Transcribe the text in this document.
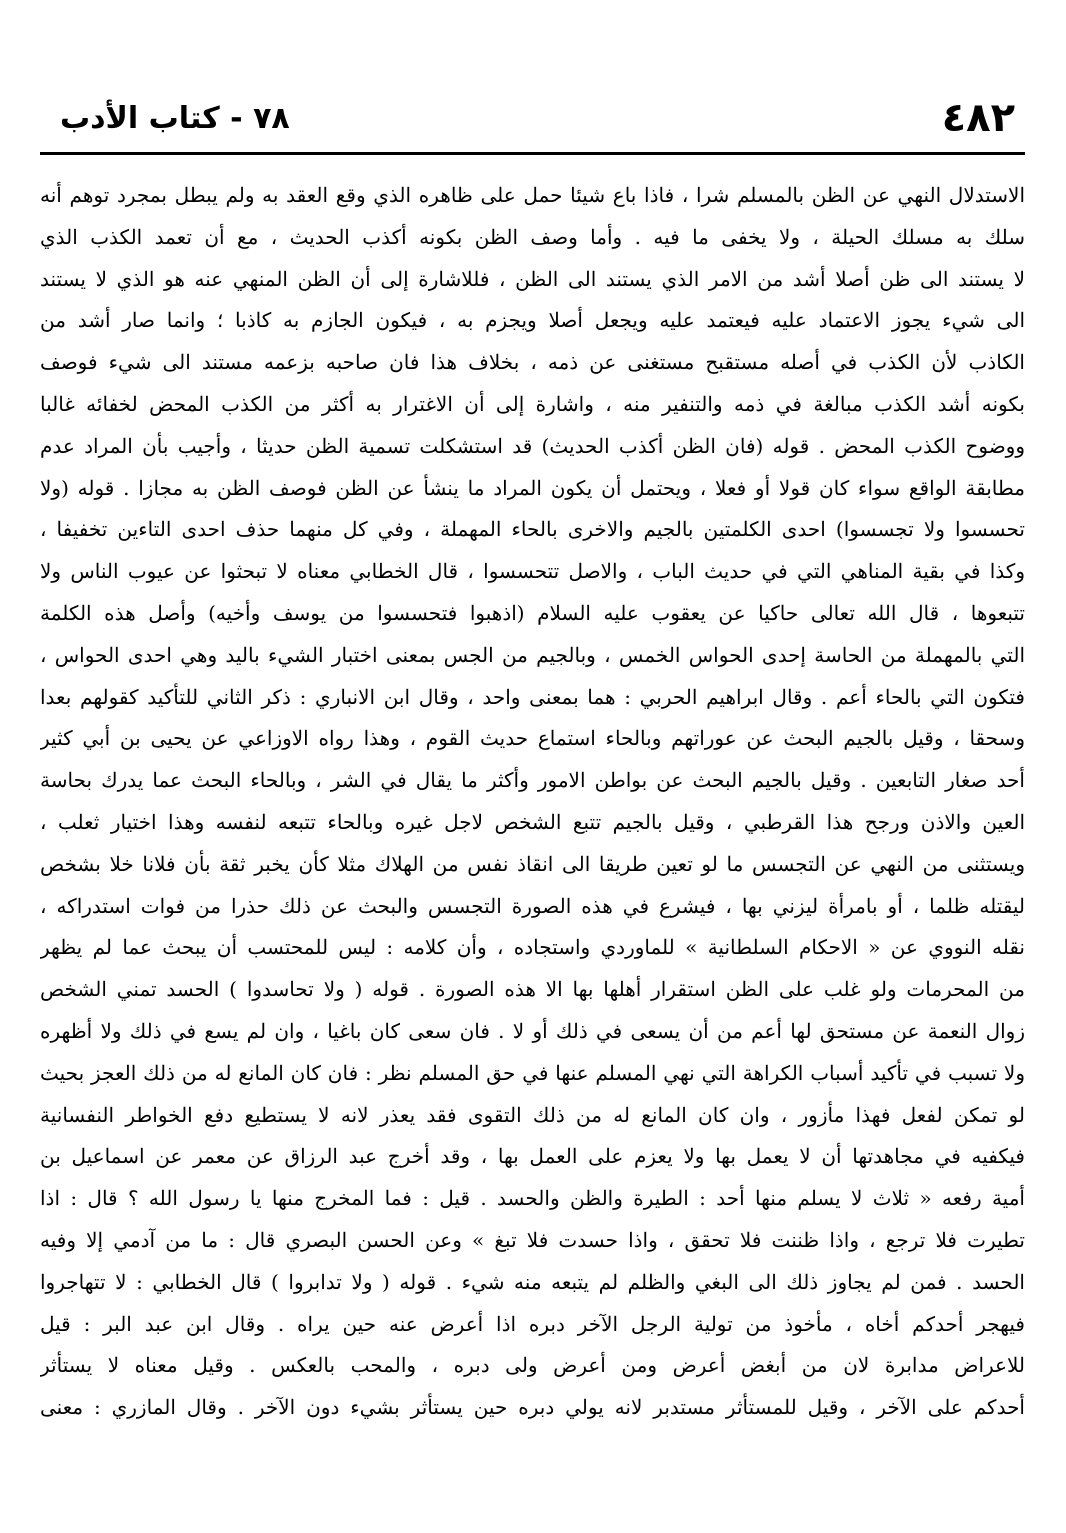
٤٨٢
٧٨ - كتاب الأدب
الاستدلال النهي عن الظن بالمسلم شرا ، فاذا باع شيئا حمل على ظاهره الذي وقع العقد به ولم يبطل بمجرد توهم أنه
سلك به مسلك الحيلة ، ولا يخفى ما فيه . وأما وصف الظن بكونه أكذب الحديث ، مع أن تعمد الكذب الذي
لا يستند الى ظن أصلا أشد من الامر الذي يستند الى الظن ، فللاشارة إلى أن الظن المنهي عنه هو الذي لا يستند
الى شيء يجوز الاعتماد عليه فيعتمد عليه ويجعل أصلا ويجزم به ، فيكون الجازم به كاذبا ؛ وانما صار أشد من
الكاذب لأن الكذب في أصله مستقبح مستغنى عن ذمه ، بخلاف هذا فان صاحبه بزعمه مستند الى شيء فوصف
بكونه أشد الكذب مبالغة في ذمه والتنفير منه ، واشارة إلى أن الاغترار به أكثر من الكذب المحض لخفائه غالبا
ووضوح الكذب المحض . قوله (فان الظن أكذب الحديث) قد استشكلت تسمية الظن حديثا ، وأجيب بأن المراد عدم
مطابقة الواقع سواء كان قولا أو فعلا ، ويحتمل أن يكون المراد ما ينشأ عن الظن فوصف الظن به مجازا . قوله (ولا
تحسسوا ولا تجسسوا) احدى الكلمتين بالجيم والاخرى بالحاء المهملة ، وفي كل منهما حذف احدى التاءين تخفيفا ،
وكذا في بقية المناهي التي في حديث الباب ، والاصل تتحسسوا ، قال الخطابي معناه لا تبحثوا عن عيوب الناس ولا
تتبعوها ، قال الله تعالى حاكيا عن يعقوب عليه السلام (اذهبوا فتحسسوا من يوسف وأخيه) وأصل هذه الكلمة
التي بالمهملة من الحاسة إحدى الحواس الخمس ، وبالجيم من الجس بمعنى اختبار الشيء باليد وهي احدى الحواس ،
فتكون التي بالحاء أعم . وقال ابراهيم الحربي : هما بمعنى واحد ، وقال ابن الانباري : ذكر الثاني للتأكيد كقولهم بعدا
وسحقا ، وقيل بالجيم البحث عن عوراتهم وبالحاء استماع حديث القوم ، وهذا رواه الاوزاعي عن يحيى بن أبي كثير
أحد صغار التابعين . وقيل بالجيم البحث عن بواطن الامور وأكثر ما يقال في الشر ، وبالحاء البحث عما يدرك بحاسة
العين والاذن ورجح هذا القرطبي ، وقيل بالجيم تتبع الشخص لاجل غيره وبالحاء تتبعه لنفسه وهذا اختيار ثعلب ،
ويستثنى من النهي عن التجسس ما لو تعين طريقا الى انقاذ نفس من الهلاك مثلا كأن يخبر ثقة بأن فلانا خلا بشخص
ليقتله ظلما ، أو بامرأة ليزني بها ، فيشرع في هذه الصورة التجسس والبحث عن ذلك حذرا من فوات استدراكه ،
نقله النووي عن « الاحكام السلطانية » للماوردي واستجاده ، وأن كلامه : ليس للمحتسب أن يبحث عما لم يظهر
من المحرمات ولو غلب على الظن استقرار أهلها بها الا هذه الصورة . قوله ( ولا تحاسدوا ) الحسد تمني الشخص
زوال النعمة عن مستحق لها أعم من أن يسعى في ذلك أو لا . فان سعى كان باغيا ، وان لم يسع في ذلك ولا أظهره
ولا تسبب في تأكيد أسباب الكراهة التي نهي المسلم عنها في حق المسلم نظر : فان كان المانع له من ذلك العجز بحيث
لو تمكن لفعل فهذا مأزور ، وان كان المانع له من ذلك التقوى فقد يعذر لانه لا يستطيع دفع الخواطر النفسانية
فيكفيه في مجاهدتها أن لا يعمل بها ولا يعزم على العمل بها ، وقد أخرج عبد الرزاق عن معمر عن اسماعيل بن
أمية رفعه « ثلاث لا يسلم منها أحد : الطيرة والظن والحسد . قيل : فما المخرج منها يا رسول الله ؟ قال : اذا
تطيرت فلا ترجع ، واذا ظننت فلا تحقق ، واذا حسدت فلا تبغ » وعن الحسن البصري قال : ما من آدمي إلا وفيه
الحسد . فمن لم يجاوز ذلك الى البغي والظلم لم يتبعه منه شيء . قوله ( ولا تدابروا ) قال الخطابي : لا تتهاجروا
فيهجر أحدكم أخاه ، مأخوذ من تولية الرجل الآخر دبره اذا أعرض عنه حين يراه . وقال ابن عبد البر : قيل
للاعراض مدابرة لان من أبغض أعرض ومن أعرض ولى دبره ، والمحب بالعكس . وقيل معناه لا يستأثر
أحدكم على الآخر ، وقيل للمستأثر مستدبر لانه يولي دبره حين يستأثر بشيء دون الآخر . وقال المازري : معنى
